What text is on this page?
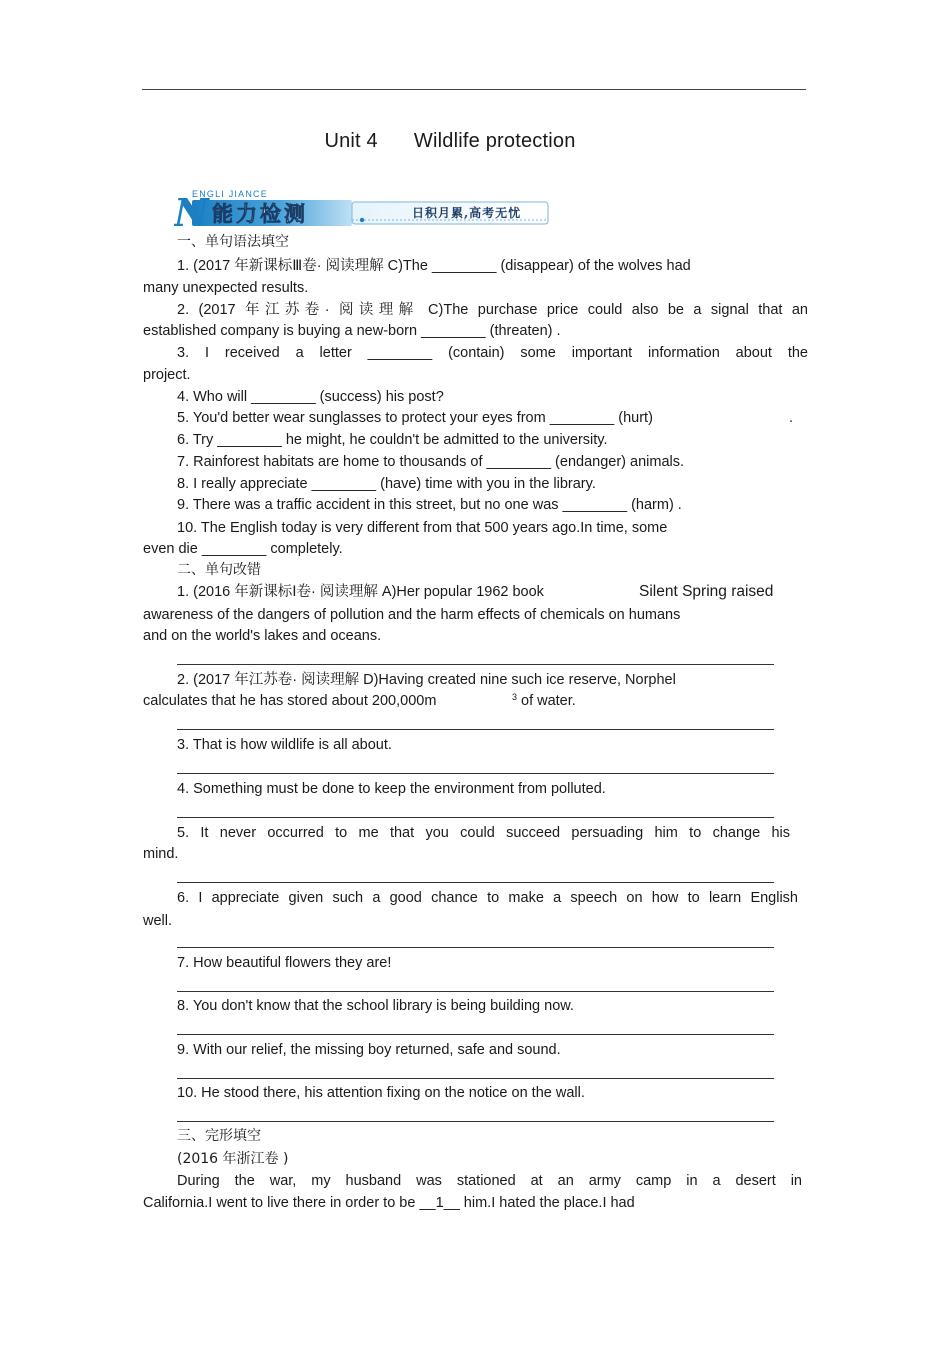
Unit 4 Wildlife protection
N
ENGLI JIANCE
能力检测	日积月累,高考无忧
一、单句语法填空
1. (2017 年新课标Ⅲ卷· 阅读理解 C)The ________ (disappear) of the wolves had
many unexpected results.
2. (2017 年江苏卷· 阅读理解 C)The purchase price could also be a signal that an
established company is buying a new-born ________ (threaten) .
3. I received a letter ________ (contain) some important information about the
project.
4. Who will ________ (success) his post?
5. You'd better wear sunglasses to protect your eyes from ________ (hurt)	.
6. Try ________ he might, he couldn't be admitted to the university.
7. Rainforest habitats are home to thousands of ________ (endanger) animals.
8. I really appreciate ________ (have) time with you in the library.
9. There was a traffic accident in this street, but no one was ________ (harm) .
10. The English today is very different from that 500 years ago.In time, some
even die ________ completely.
二、单句改错
1. (2016 年新课标Ⅰ卷· 阅读理解 A)Her popular 1962 book	Silent Spring raised
awareness of the dangers of pollution and the harm effects of chemicals on humans
and on the world's lakes and oceans.
2. (2017 年江苏卷· 阅读理解 D)Having created nine such ice reserve, Norphel
calculates that he has stored about 200,000m	3 of water.
3. That is how wildlife is all about.
4. Something must be done to keep the environment from polluted.
5. It never occurred to me that you could succeed persuading him to change his
mind.
6. I appreciate given such a good chance to make a speech on how to learn English
well.
7. How beautiful flowers they are!
8. You don't know that the school library is being building now.
9. With our relief, the missing boy returned, safe and sound.
10. He stood there, his attention fixing on the notice on the wall.
三、完形填空
(2016 年浙江卷 )
During the war, my husband was stationed at an army camp in a desert in
California.I went to live there in order to be __1__ him.I hated the place.I had
